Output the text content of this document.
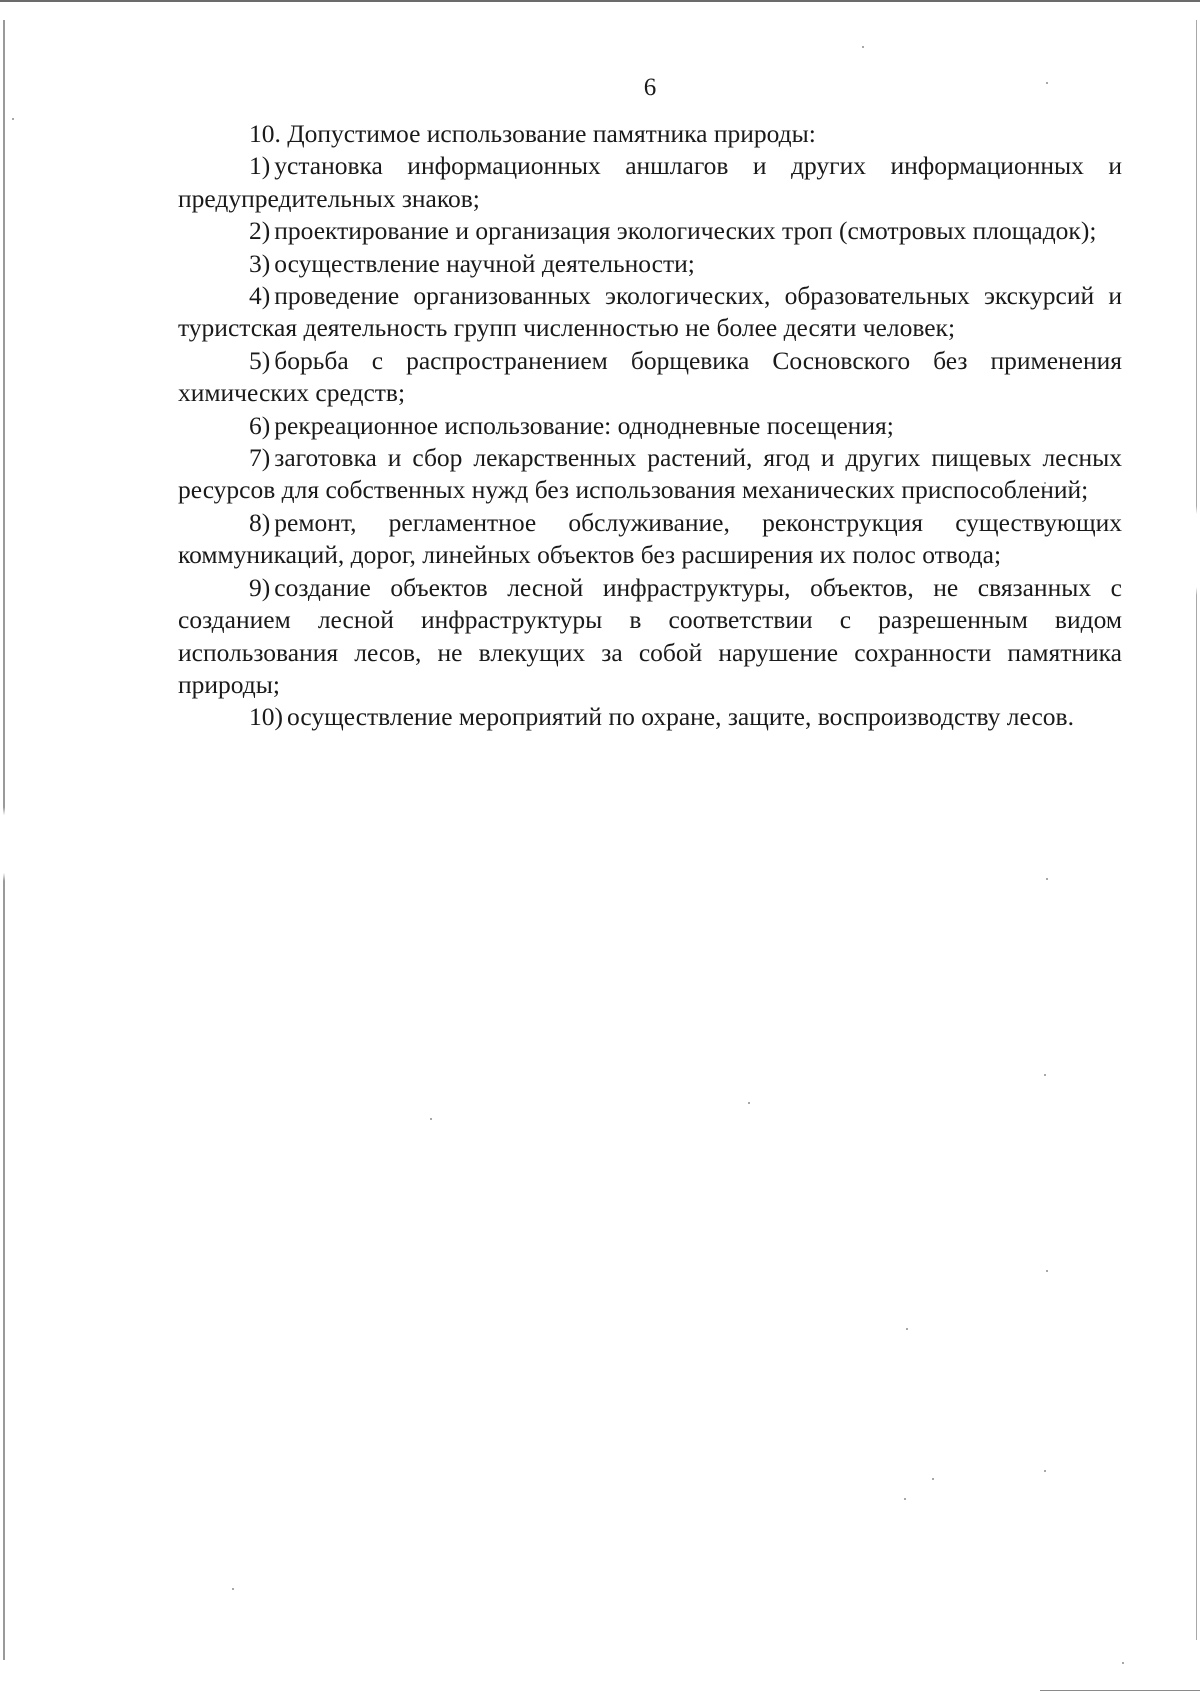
6

10. Допустимое использование памятника природы:

1) установка информационных аншлагов и других информационных и предупредительных знаков;

2) проектирование и организация экологических троп (смотровых площадок);

3) осуществление научной деятельности;

4) проведение организованных экологических, образовательных экскурсий и туристская деятельность групп численностью не более десяти человек;

5) борьба с распространением борщевика Сосновского без применения химических средств;

6) рекреационное использование: однодневные посещения;

7) заготовка и сбор лекарственных растений, ягод и других пищевых лесных ресурсов для собственных нужд без использования механических приспособлений;

8) ремонт, регламентное обслуживание, реконструкция существующих коммуникаций, дорог, линейных объектов без расширения их полос отвода;

9) создание объектов лесной инфраструктуры, объектов, не связанных с созданием лесной инфраструктуры в соответствии с разрешенным видом использования лесов, не влекущих за собой нарушение сохранности памятника природы;

10) осуществление мероприятий по охране, защите, воспроизводству лесов.
